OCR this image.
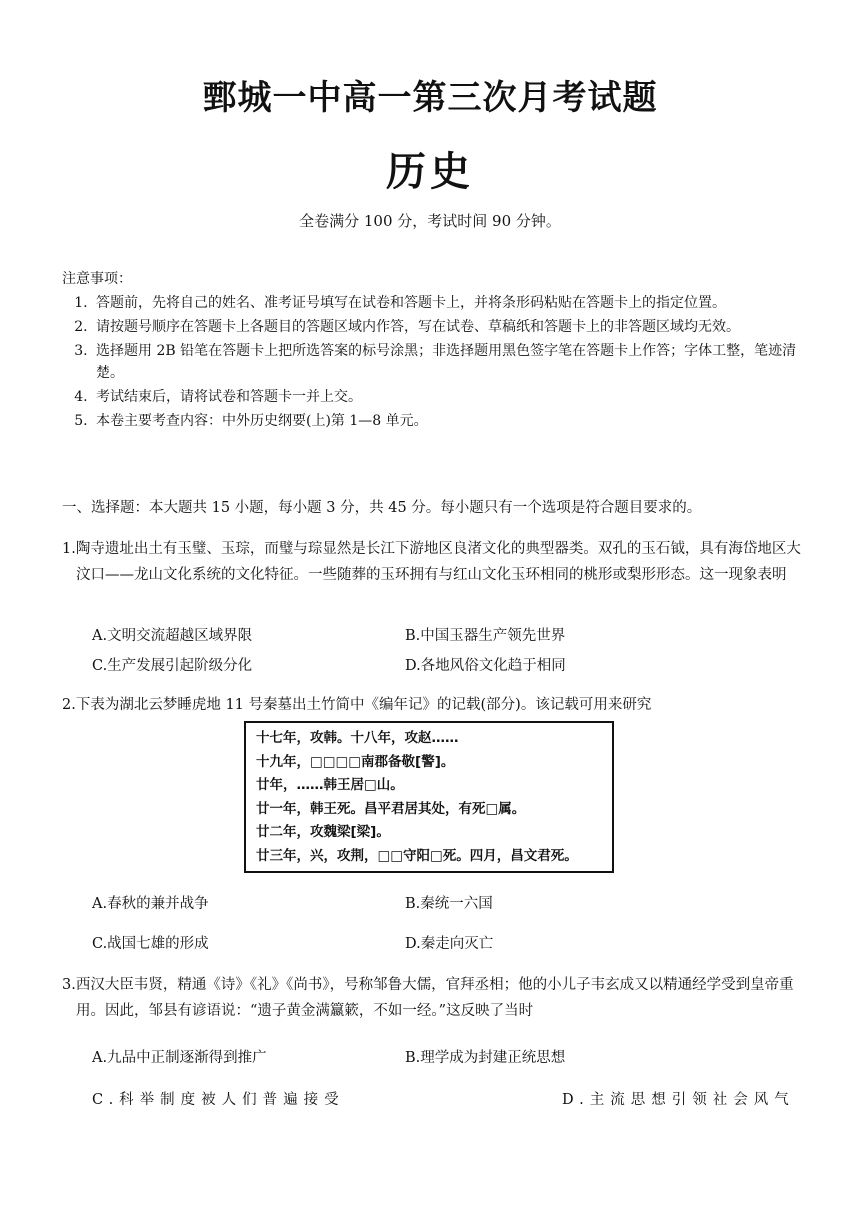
鄄城一中高一第三次月考试题
历史
全卷满分 100 分，考试时间 90 分钟。
注意事项：
1. 答题前，先将自己的姓名、准考证号填写在试卷和答题卡上，并将条形码粘贴在答题卡上的指定位置。
2. 请按题号顺序在答题卡上各题目的答题区域内作答，写在试卷、草稿纸和答题卡上的非答题区域均无效。
3. 选择题用 2B 铅笔在答题卡上把所选答案的标号涂黑；非选择题用黑色签字笔在答题卡上作答；字体工整，笔迹清楚。
4. 考试结束后，请将试卷和答题卡一并上交。
5. 本卷主要考查内容：中外历史纲要(上)第 1—8 单元。
一、选择题：本大题共 15 小题，每小题 3 分，共 45 分。每小题只有一个选项是符合题目要求的。
1.陶寺遗址出土有玉璧、玉琮，而璧与琮显然是长江下游地区良渚文化的典型器类。双孔的玉石钺，具有海岱地区大汶口——龙山文化系统的文化特征。一些随葬的玉环拥有与红山文化玉环相同的桃形或梨形形态。这一现象表明
A.文明交流超越区域界限	B.中国玉器生产领先世界
C.生产发展引起阶级分化	D.各地风俗文化趋于相同
2.下表为湖北云梦睡虎地 11 号秦墓出土竹简中《编年记》的记载(部分)。该记载可用来研究
十七年，攻韩。十八年，攻赵……
十九年，□□□□南郡备敬[警]。
廿年，……韩王居□山。
廿一年，韩王死。昌平君居其处，有死□属。
廿二年，攻魏梁[梁]。
廿三年，兴，攻荆，□□守阳□死。四月，昌文君死。
A.春秋的兼并战争	B.秦统一六国
C.战国七雄的形成	D.秦走向灭亡
3.西汉大臣韦贤，精通《诗》《礼》《尚书》，号称邹鲁大儒，官拜丞相；他的小儿子韦玄成又以精通经学受到皇帝重用。因此，邹县有谚语说：“遗子黄金满籝簌，不如一经。”这反映了当时
A.九品中正制逐渐得到推广	B.理学成为封建正统思想
C.科举制度被人们普遍接受	D.主流思想引领社会风气
